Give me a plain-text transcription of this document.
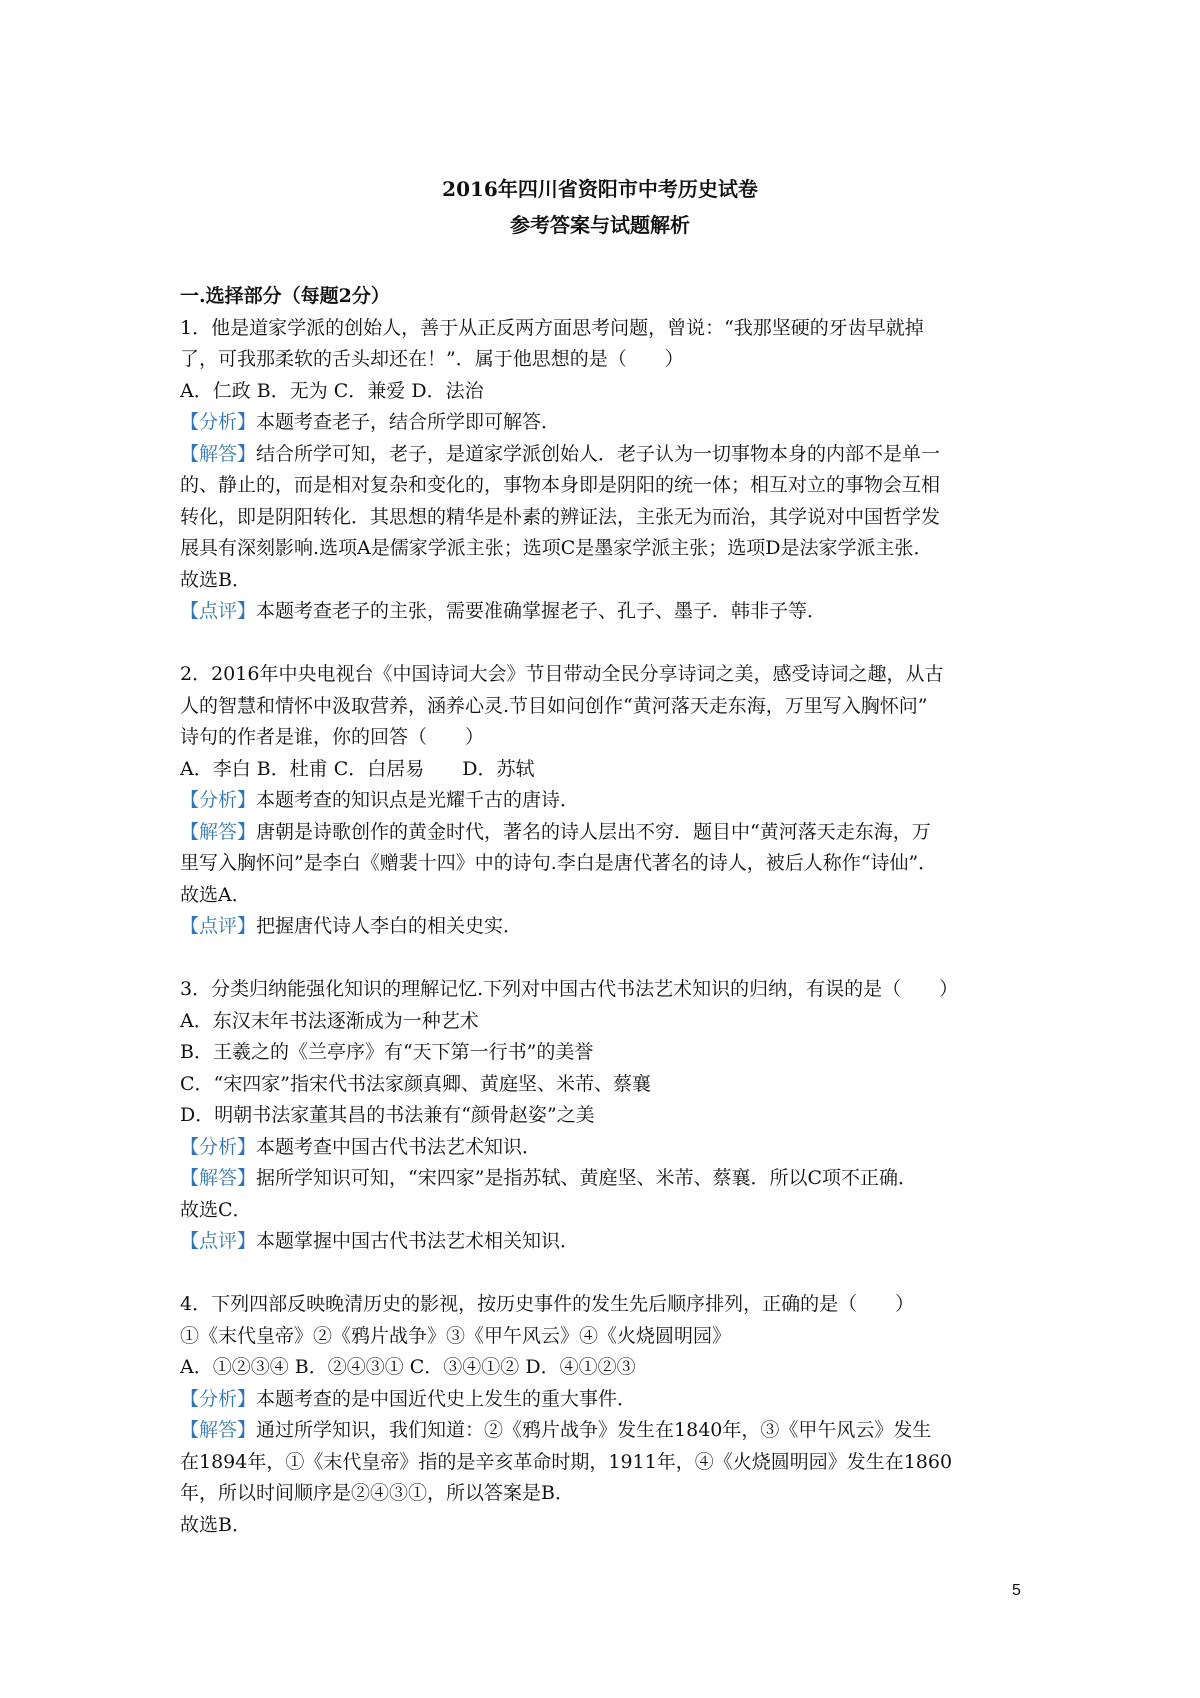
2016年四川省资阳市中考历史试卷
参考答案与试题解析
一.选择部分（每题2分）
1．他是道家学派的创始人，善于从正反两方面思考问题，曾说：“我那坚硬的牙齿早就掉
了，可我那柔软的舌头却还在！”．属于他思想的是（　　）
A．仁政 B．无为 C．兼爱 D．法治
【分析】本题考查老子，结合所学即可解答．
【解答】结合所学可知，老子，是道家学派创始人．老子认为一切事物本身的内部不是单一
的、静止的，而是相对复杂和变化的，事物本身即是阴阳的统一体；相互对立的事物会互相
转化，即是阴阳转化．其思想的精华是朴素的辨证法，主张无为而治，其学说对中国哲学发
展具有深刻影响.选项A是儒家学派主张；选项C是墨家学派主张；选项D是法家学派主张．
故选B．
【点评】本题考查老子的主张，需要准确掌握老子、孔子、墨子．韩非子等．
2．2016年中央电视台《中国诗词大会》节目带动全民分享诗词之美，感受诗词之趣，从古
人的智慧和情怀中汲取营养，涵养心灵.节目如问创作“黄河落天走东海，万里写入胸怀问”
诗句的作者是谁，你的回答（　　）
A．李白 B．杜甫 C．白居易　　D．苏轼
【分析】本题考查的知识点是光耀千古的唐诗．
【解答】唐朝是诗歌创作的黄金时代，著名的诗人层出不穷．题目中“黄河落天走东海，万
里写入胸怀问”是李白《赠裴十四》中的诗句.李白是唐代著名的诗人，被后人称作“诗仙”．
故选A．
【点评】把握唐代诗人李白的相关史实．
3．分类归纳能强化知识的理解记忆.下列对中国古代书法艺术知识的归纳，有误的是（　　）
A．东汉末年书法逐渐成为一种艺术
B．王羲之的《兰亭序》有“天下第一行书”的美誉
C．“宋四家”指宋代书法家颜真卿、黄庭坚、米芾、蔡襄
D．明朝书法家董其昌的书法兼有“颜骨赵姿”之美
【分析】本题考查中国古代书法艺术知识．
【解答】据所学知识可知，“宋四家”是指苏轼、黄庭坚、米芾、蔡襄．所以C项不正确．
故选C．
【点评】本题掌握中国古代书法艺术相关知识．
4．下列四部反映晚清历史的影视，按历史事件的发生先后顺序排列，正确的是（　　）
①《末代皇帝》②《鸦片战争》③《甲午风云》④《火烧圆明园》
A．①②③④ B．②④③① C．③④①② D．④①②③
【分析】本题考查的是中国近代史上发生的重大事件．
【解答】通过所学知识，我们知道：②《鸦片战争》发生在1840年，③《甲午风云》发生
在1894年，①《末代皇帝》指的是辛亥革命时期，1911年，④《火烧圆明园》发生在1860
年，所以时间顺序是②④③①，所以答案是B．
故选B．
5
